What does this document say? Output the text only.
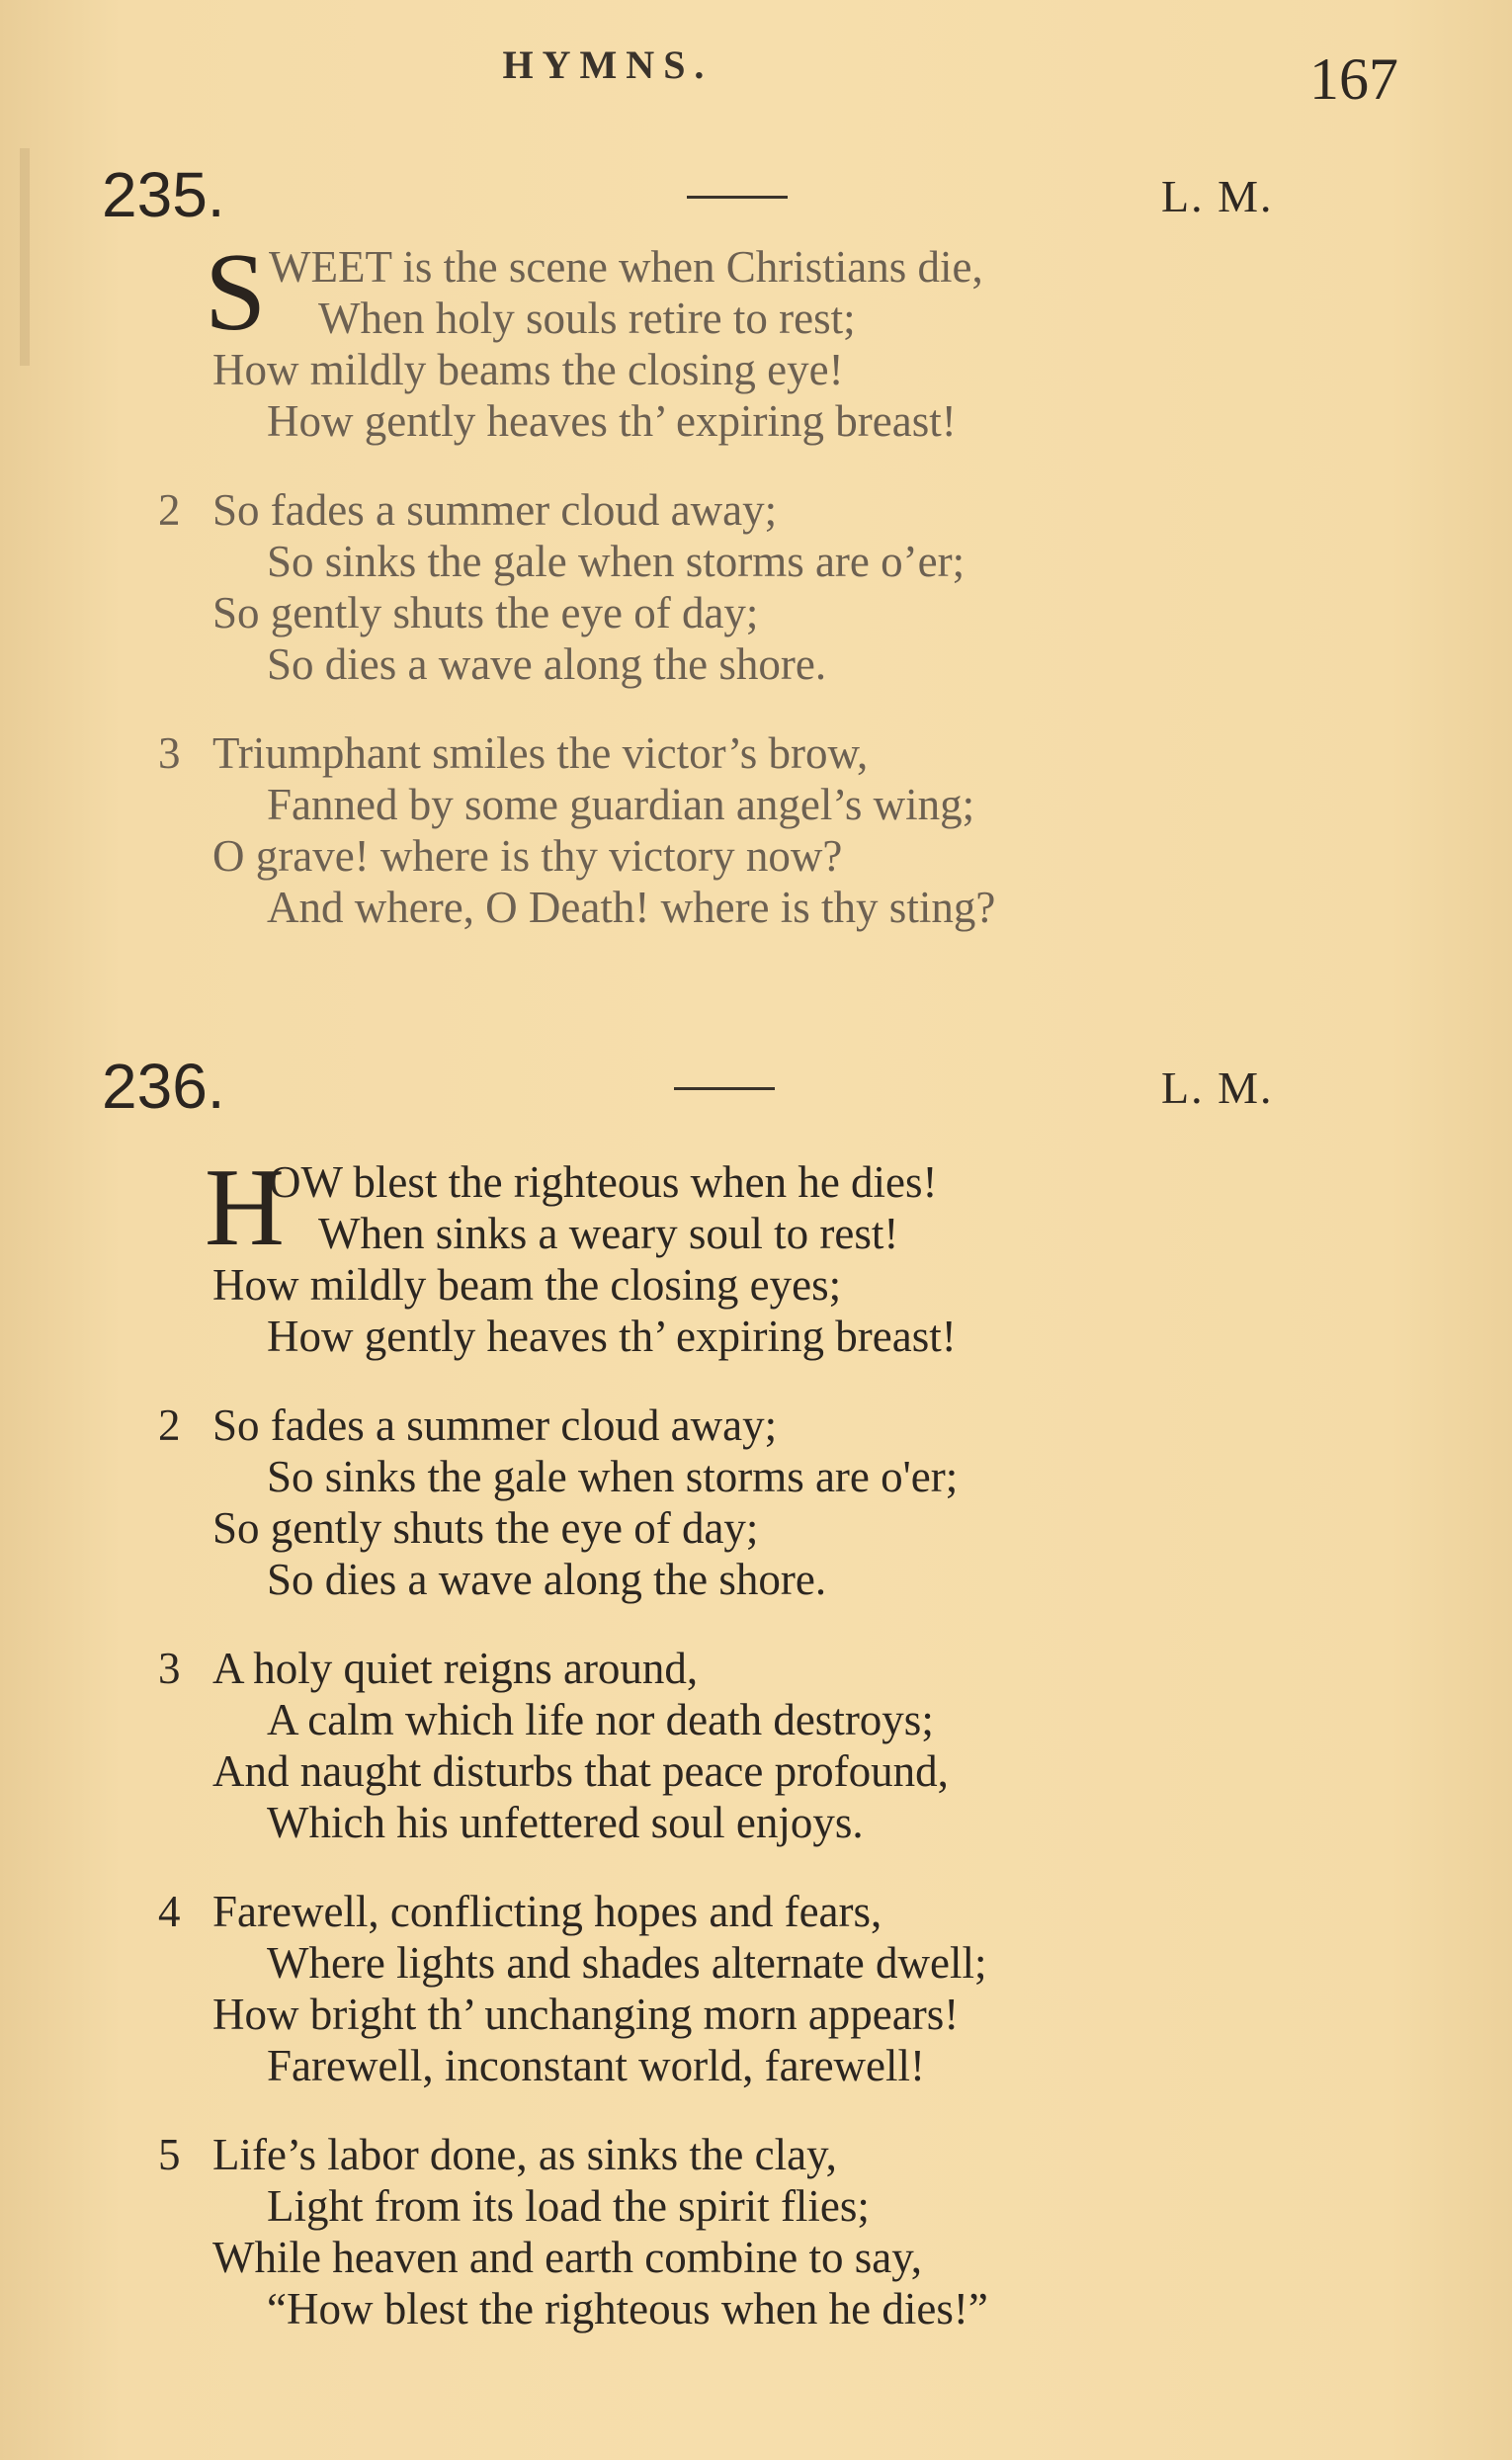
HYMNS.	167
235.	L. M.
S WEET is the scene when Christians die,
When holy souls retire to rest;
How mildly beams the closing eye!
How gently heaves th’ expiring breast!
2 So fades a summer cloud away;
So sinks the gale when storms are o’er;
So gently shuts the eye of day;
So dies a wave along the shore.
3 Triumphant smiles the victor’s brow,
Fanned by some guardian angel’s wing;
O grave! where is thy victory now?
And where, O Death! where is thy sting?
236.	L. M.
H
OW blest the righteous when he dies!
When sinks a weary soul to rest!
How mildly beam the closing eyes;
How gently heaves th’ expiring breast!
2 So fades a summer cloud away;
So sinks the gale when storms are o'er;
So gently shuts the eye of day;
So dies a wave along the shore.
3 A holy quiet reigns around,
A calm which life nor death destroys;
And naught disturbs that peace profound,
Which his unfettered soul enjoys.
4 Farewell, conflicting hopes and fears,
Where lights and shades alternate dwell;
How bright th’ unchanging morn appears!
Farewell, inconstant world, farewell!
5 Life’s labor done, as sinks the clay,
Light from its load the spirit flies;
While heaven and earth combine to say,
“How blest the righteous when he dies!”
